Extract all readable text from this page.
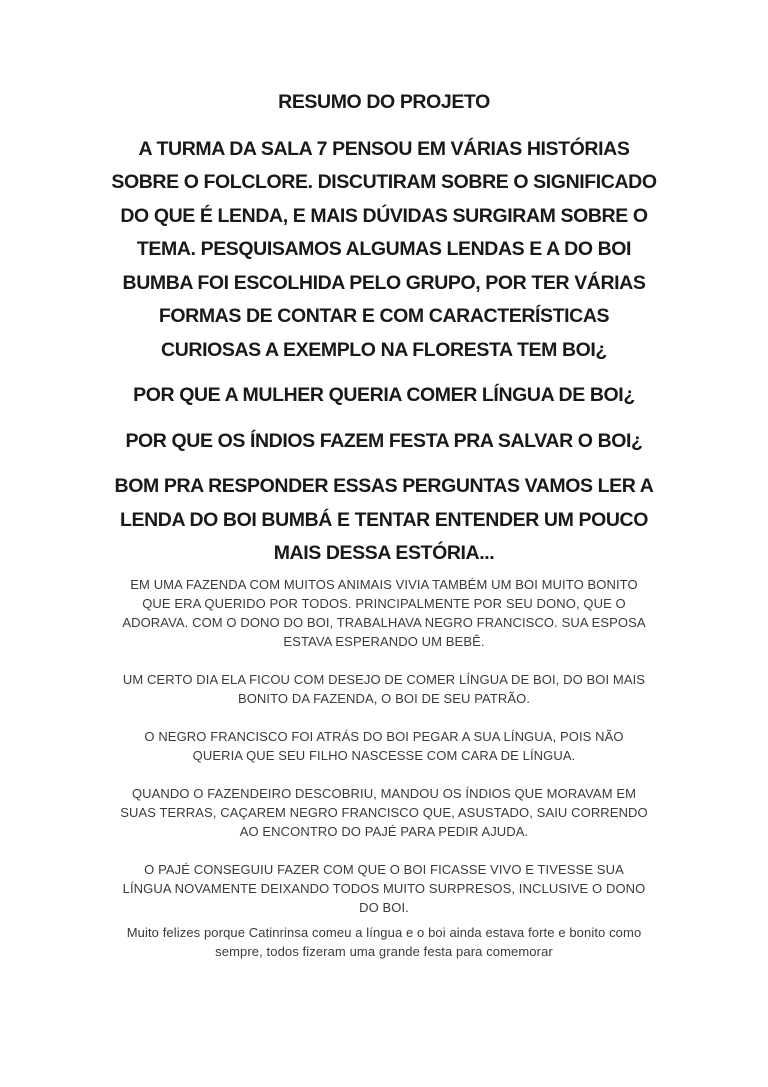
RESUMO DO PROJETO
A TURMA DA SALA 7 PENSOU EM VÁRIAS HISTÓRIAS
SOBRE O FOLCLORE. DISCUTIRAM SOBRE O SIGNIFICADO
DO QUE É LENDA, E MAIS DÚVIDAS SURGIRAM SOBRE O
TEMA. PESQUISAMOS ALGUMAS LENDAS E A DO BOI
BUMBA FOI ESCOLHIDA PELO GRUPO, POR TER VÁRIAS
FORMAS DE CONTAR E COM CARACTERÍSTICAS
CURIOSAS A EXEMPLO NA FLORESTA TEM BOI¿
POR QUE A MULHER QUERIA COMER LÍNGUA DE BOI¿
POR QUE OS ÍNDIOS FAZEM FESTA PRA SALVAR O BOI¿
BOM PRA RESPONDER ESSAS PERGUNTAS VAMOS LER A
LENDA DO BOI BUMBÁ E TENTAR ENTENDER UM POUCO
MAIS DESSA ESTÓRIA...
EM UMA FAZENDA COM MUITOS ANIMAIS VIVIA TAMBÉM UM BOI MUITO BONITO
QUE ERA QUERIDO POR TODOS. PRINCIPALMENTE POR SEU DONO, QUE O
ADORAVA. COM O DONO DO BOI, TRABALHAVA NEGRO FRANCISCO. SUA ESPOSA
ESTAVA ESPERANDO UM BEBÊ.
UM CERTO DIA ELA FICOU COM DESEJO DE COMER LÍNGUA DE BOI, DO BOI MAIS
BONITO DA FAZENDA, O BOI DE SEU PATRÃO.
O NEGRO FRANCISCO FOI ATRÁS DO BOI PEGAR A SUA LÍNGUA, POIS NÃO
QUERIA QUE SEU FILHO NASCESSE COM CARA DE LÍNGUA.
QUANDO O FAZENDEIRO DESCOBRIU, MANDOU OS ÍNDIOS QUE MORAVAM EM
SUAS TERRAS, CAÇAREM NEGRO FRANCISCO QUE, ASUSTADO, SAIU CORRENDO
AO ENCONTRO DO PAJÉ PARA PEDIR AJUDA.
O PAJÉ CONSEGUIU FAZER COM QUE O BOI FICASSE VIVO E TIVESSE SUA
LÍNGUA NOVAMENTE DEIXANDO TODOS MUITO SURPRESOS, INCLUSIVE O DONO
DO BOI.
Muito felizes porque Catinrinsa comeu a língua e o boi ainda estava forte e bonito como
sempre, todos fizeram uma grande festa para comemorar
